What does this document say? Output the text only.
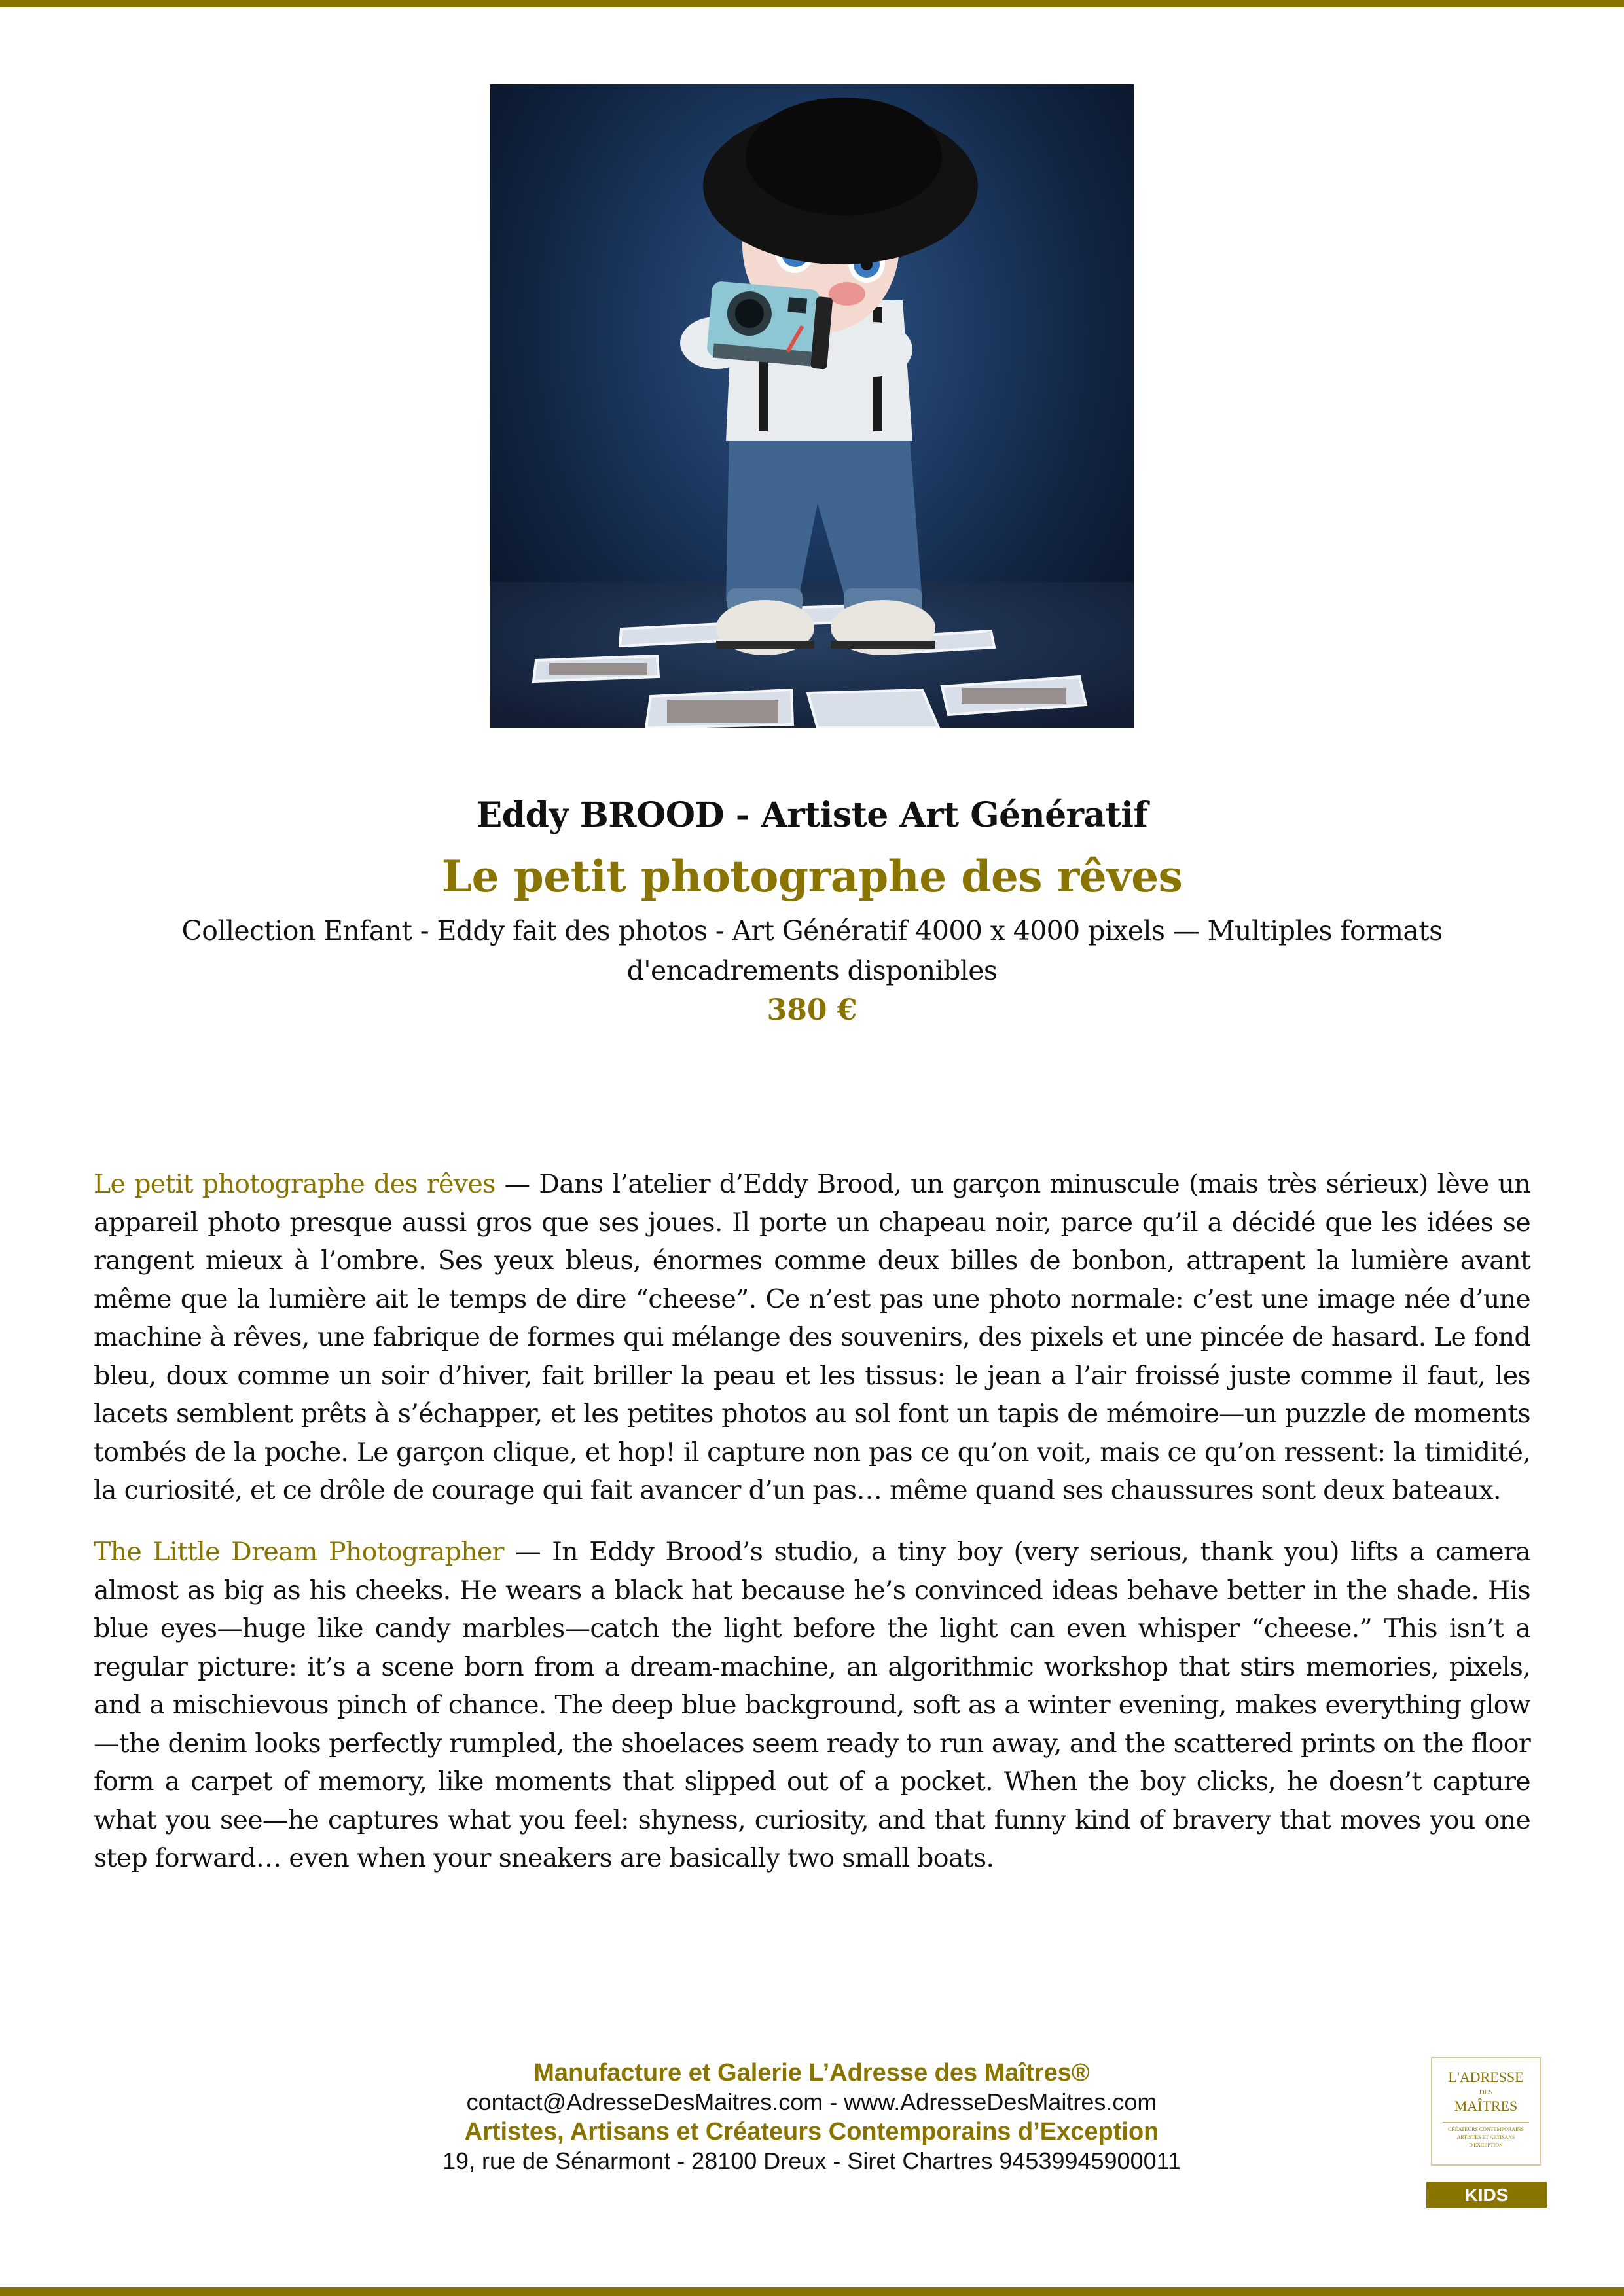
Eddy BROOD - Artiste Art Génératif
Le petit photographe des rêves
Collection Enfant - Eddy fait des photos - Art Génératif 4000 x 4000 pixels — Multiples formats d'encadrements disponibles
380 €

Le petit photographe des rêves — Dans l’atelier d’Eddy Brood, un garçon minuscule (mais très sérieux) lève un appareil photo presque aussi gros que ses joues. Il porte un chapeau noir, parce qu’il a décidé que les idées se rangent mieux à l’ombre. Ses yeux bleus, énormes comme deux billes de bonbon, attrapent la lumière avant même que la lumière ait le temps de dire “cheese”. Ce n’est pas une photo normale: c’est une image née d’une machine à rêves, une fabrique de formes qui mélange des souvenirs, des pixels et une pincée de hasard. Le fond bleu, doux comme un soir d’hiver, fait briller la peau et les tissus: le jean a l’air froissé juste comme il faut, les lacets semblent prêts à s’échapper, et les petites photos au sol font un tapis de mémoire—un puzzle de moments tombés de la poche. Le garçon clique, et hop! il capture non pas ce qu’on voit, mais ce qu’on ressent: la timidité, la curiosité, et ce drôle de courage qui fait avancer d’un pas… même quand ses chaussures sont deux bateaux.

The Little Dream Photographer — In Eddy Brood’s studio, a tiny boy (very serious, thank you) lifts a camera almost as big as his cheeks. He wears a black hat because he’s convinced ideas behave better in the shade. His blue eyes—huge like candy marbles—catch the light before the light can even whisper “cheese.” This isn’t a regular picture: it’s a scene born from a dream-machine, an algorithmic workshop that stirs memories, pixels, and a mischievous pinch of chance. The deep blue background, soft as a winter evening, makes everything glow—the denim looks perfectly rumpled, the shoelaces seem ready to run away, and the scattered prints on the floor form a carpet of memory, like moments that slipped out of a pocket. When the boy clicks, he doesn’t capture what you see—he captures what you feel: shyness, curiosity, and that funny kind of bravery that moves you one step forward… even when your sneakers are basically two small boats.

Manufacture et Galerie L’Adresse des Maîtres®
contact@AdresseDesMaitres.com - www.AdresseDesMaitres.com
Artistes, Artisans et Créateurs Contemporains d’Exception
19, rue de Sénarmont - 28100 Dreux - Siret Chartres 94539945900011
L'ADRESSE
DES
MAÎTRES
CRÉATEURS CONTEMPORAINS
ARTISTES ET ARTISANS
D'EXCEPTION
KIDS
